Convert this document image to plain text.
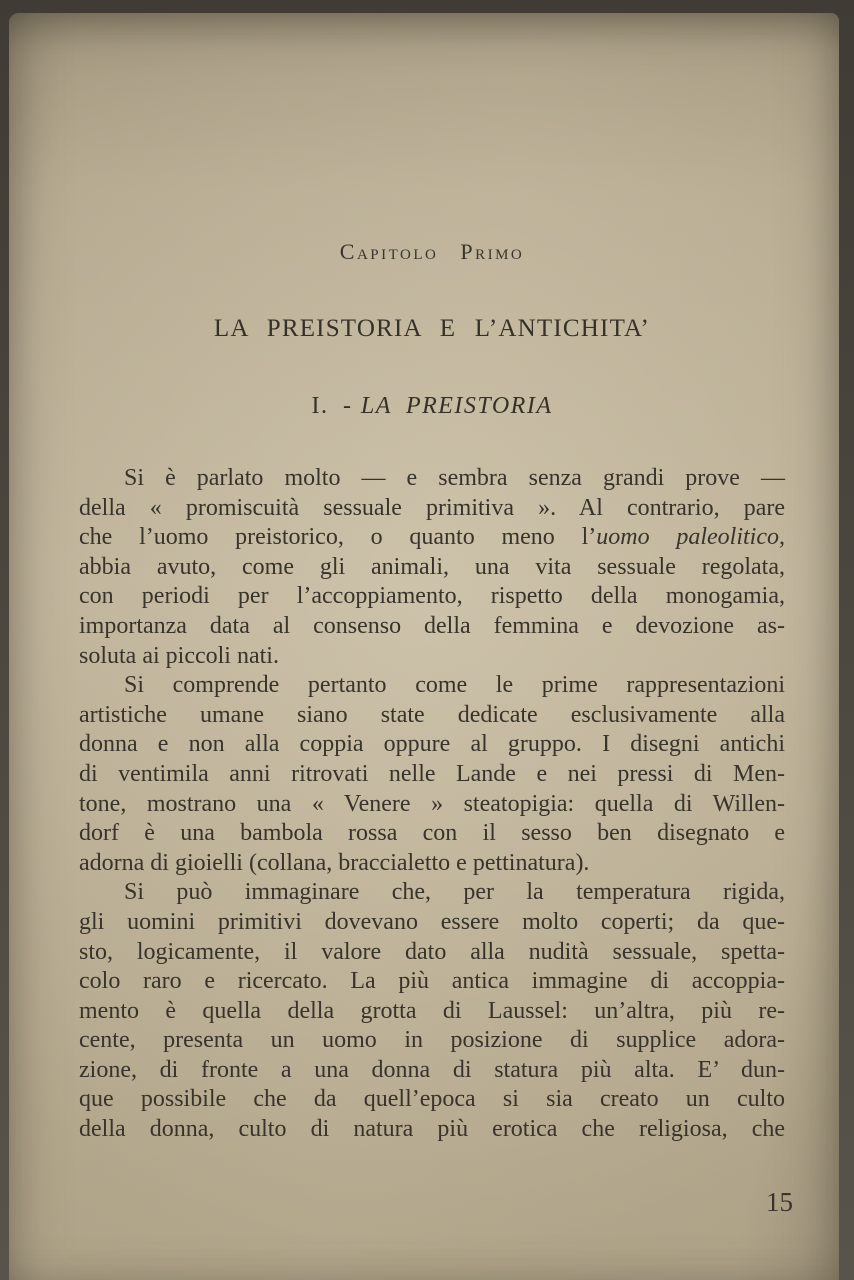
Capitolo Primo
LA PREISTORIA E L’ANTICHITA’
I. - LA PREISTORIA
Si è parlato molto — e sembra senza grandi prove —
della « promiscuità sessuale primitiva ». Al contrario, pare
che l’uomo preistorico, o quanto meno l’uomo paleolitico,
abbia avuto, come gli animali, una vita sessuale regolata,
con periodi per l’accoppiamento, rispetto della monogamia,
importanza data al consenso della femmina e devozione as-
soluta ai piccoli nati.
Si comprende pertanto come le prime rappresentazioni
artistiche umane siano state dedicate esclusivamente alla
donna e non alla coppia oppure al gruppo. I disegni antichi
di ventimila anni ritrovati nelle Lande e nei pressi di Men-
tone, mostrano una « Venere » steatopigia: quella di Willen-
dorf è una bambola rossa con il sesso ben disegnato e
adorna di gioielli (collana, braccialetto e pettinatura).
Si può immaginare che, per la temperatura rigida,
gli uomini primitivi dovevano essere molto coperti; da que-
sto, logicamente, il valore dato alla nudità sessuale, spetta-
colo raro e ricercato. La più antica immagine di accoppia-
mento è quella della grotta di Laussel: un’altra, più re-
cente, presenta un uomo in posizione di supplice adora-
zione, di fronte a una donna di statura più alta. E’ dun-
que possibile che da quell’epoca si sia creato un culto
della donna, culto di natura più erotica che religiosa, che
15
